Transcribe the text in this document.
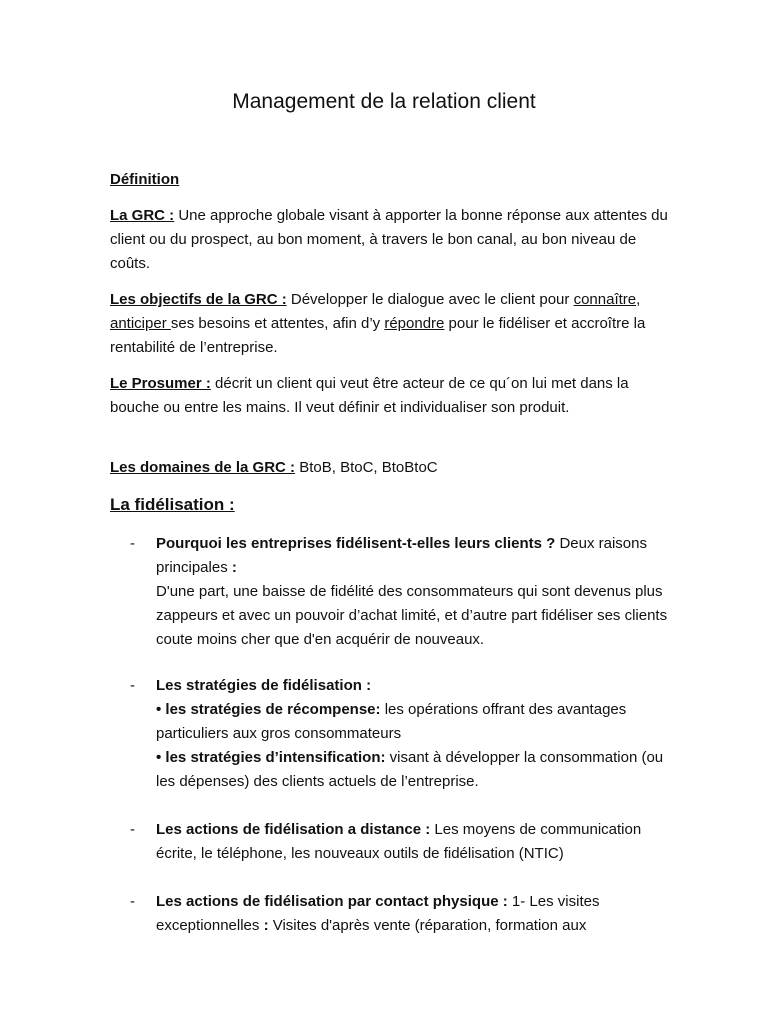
Management de la relation client
Définition
La GRC : Une approche globale visant à apporter la bonne réponse aux attentes du client ou du prospect, au bon moment, à travers le bon canal, au bon niveau de coûts.
Les objectifs de la GRC : Développer le dialogue avec le client pour connaître, anticiper ses besoins et attentes, afin d’y répondre pour le fidéliser et accroître la rentabilité de l’entreprise.
Le Prosumer : décrit un client qui veut être acteur de ce qu´on lui met dans la bouche ou entre les mains. Il veut définir et individualiser son produit.
Les domaines de la GRC : BtoB, BtoC, BtoBtoC
La fidélisation :
-	Pourquoi les entreprises fidélisent-t-elles leurs clients ? Deux raisons principales :
D'une part, une baisse de fidélité des consommateurs qui sont devenus plus zappeurs et avec un pouvoir d’achat limité, et d’autre part fidéliser ses clients coute moins cher que d'en acquérir de nouveaux.
-	Les stratégies de fidélisation :
• les stratégies de récompense: les opérations offrant des avantages particuliers aux gros consommateurs
• les stratégies d’intensification: visant à développer la consommation (ou les dépenses) des clients actuels de l’entreprise.
-	Les actions de fidélisation a distance : Les moyens de communication écrite, le téléphone, les nouveaux outils de fidélisation (NTIC)
-	Les actions de fidélisation par contact physique : 1- Les visites
exceptionnelles : Visites d'après vente (réparation, formation aux
